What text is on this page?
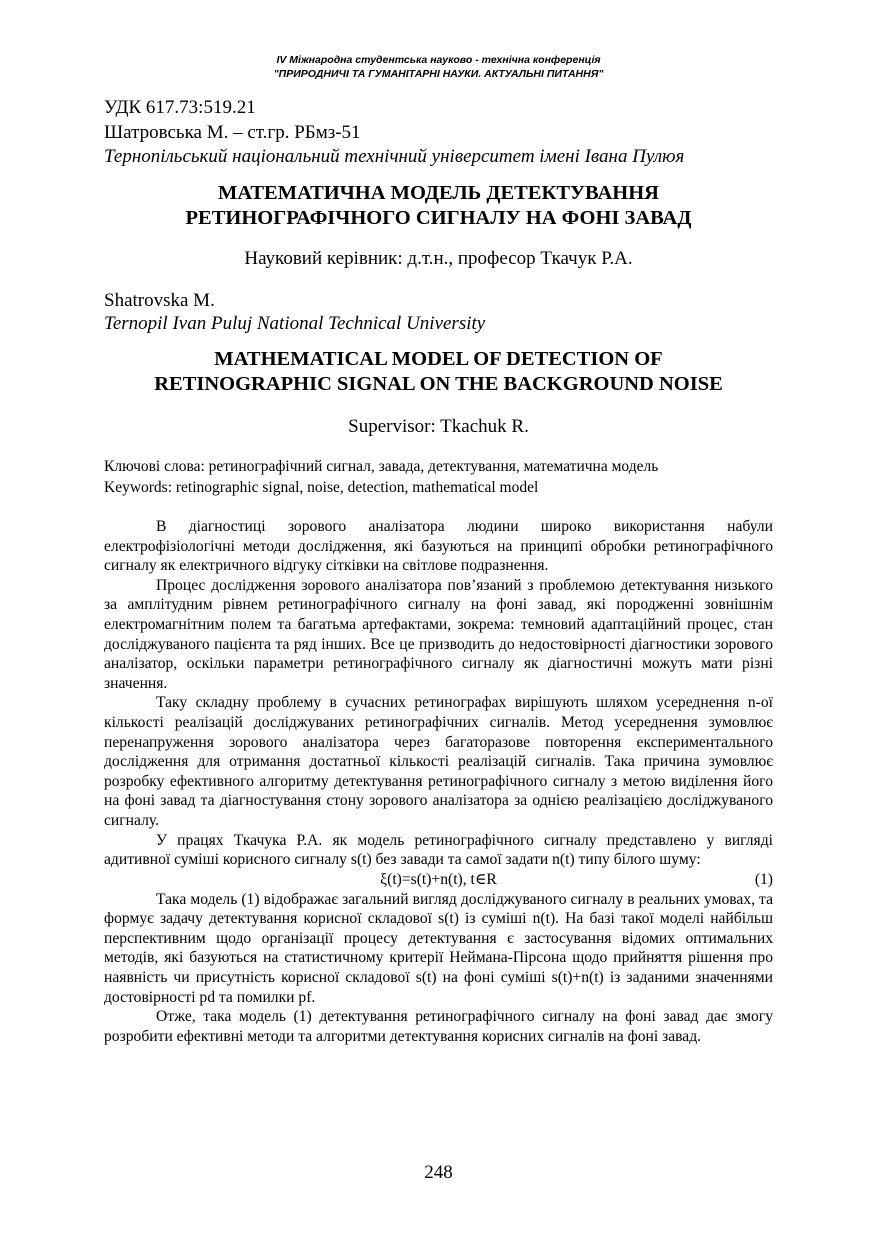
IV Міжнародна студентська науково - технічна конференція
"ПРИРОДНИЧІ ТА ГУМАНІТАРНІ НАУКИ. АКТУАЛЬНІ ПИТАННЯ"
УДК 617.73:519.21
Шатровська М. – ст.гр. РБмз-51
Тернопільський національний технічний університет імені Івана Пулюя
МАТЕМАТИЧНА МОДЕЛЬ ДЕТЕКТУВАННЯ
РЕТИНОГРАФІЧНОГО СИГНАЛУ НА ФОНІ ЗАВАД
Науковий керівник: д.т.н., професор Ткачук Р.А.
Shatrovska M.
Ternopil Ivan Puluj National Technical University
MATHEMATICAL MODEL OF DETECTION OF
RETINOGRAPHIC SIGNAL ON THE BACKGROUND NOISE
Supervisor: Tkachuk R.
Ключові слова: ретинографічний сигнал, завада, детектування, математична модель
Keywords: retinographic signal, noise, detection, mathematical model

В діагностиці зорового аналізатора людини широко використання набули електрофізіологічні методи дослідження, які базуються на принципі обробки ретинографічного сигналу як електричного відгуку сітківки на світлове подразнення.

Процес дослідження зорового аналізатора пов’язаний з проблемою детектування низького за амплітудним рівнем ретинографічного сигналу на фоні завад, які породженні зовнішнім електромагнітним полем та багатьма артефактами, зокрема: темновий адаптаційний процес, стан досліджуваного пацієнта та ряд інших. Все це призводить до недостовірності діагностики зорового аналізатор, оскільки параметри ретинографічного сигналу як діагностичні можуть мати різні значення.

Таку складну проблему в сучасних ретинографах вирішують шляхом усереднення n-ої кількості реалізацій досліджуваних ретинографічних сигналів. Метод усереднення зумовлює перенапруження зорового аналізатора через багаторазове повторення експериментального дослідження для отримання достатньої кількості реалізацій сигналів. Така причина зумовлює розробку ефективного алгоритму детектування ретинографічного сигналу з метою виділення його на фоні завад та діагностування стону зорового аналізатора за однією реалізацією досліджуваного сигналу.

У працях Ткачука Р.А. як модель ретинографічного сигналу представлено у вигляді адитивної суміші корисного сигналу s(t) без завади та самої задати n(t) типу білого шуму:

ξ(t)=s(t)+n(t), t∈R	(1)

Така модель (1) відображає загальний вигляд досліджуваного сигналу в реальних умовах, та формує задачу детектування корисної складової s(t) із суміші n(t). На базі такої моделі найбільш перспективним щодо організації процесу детектування є застосування відомих оптимальних методів, які базуються на статистичному критерії Неймана-Пірсона щодо прийняття рішення про наявність чи присутність корисної складової s(t) на фоні суміші s(t)+n(t) із заданими значеннями достовірності pd та помилки pf.

Отже, така модель (1) детектування ретинографічного сигналу на фоні завад дає змогу розробити ефективні методи та алгоритми детектування корисних сигналів на фоні завад.

248
